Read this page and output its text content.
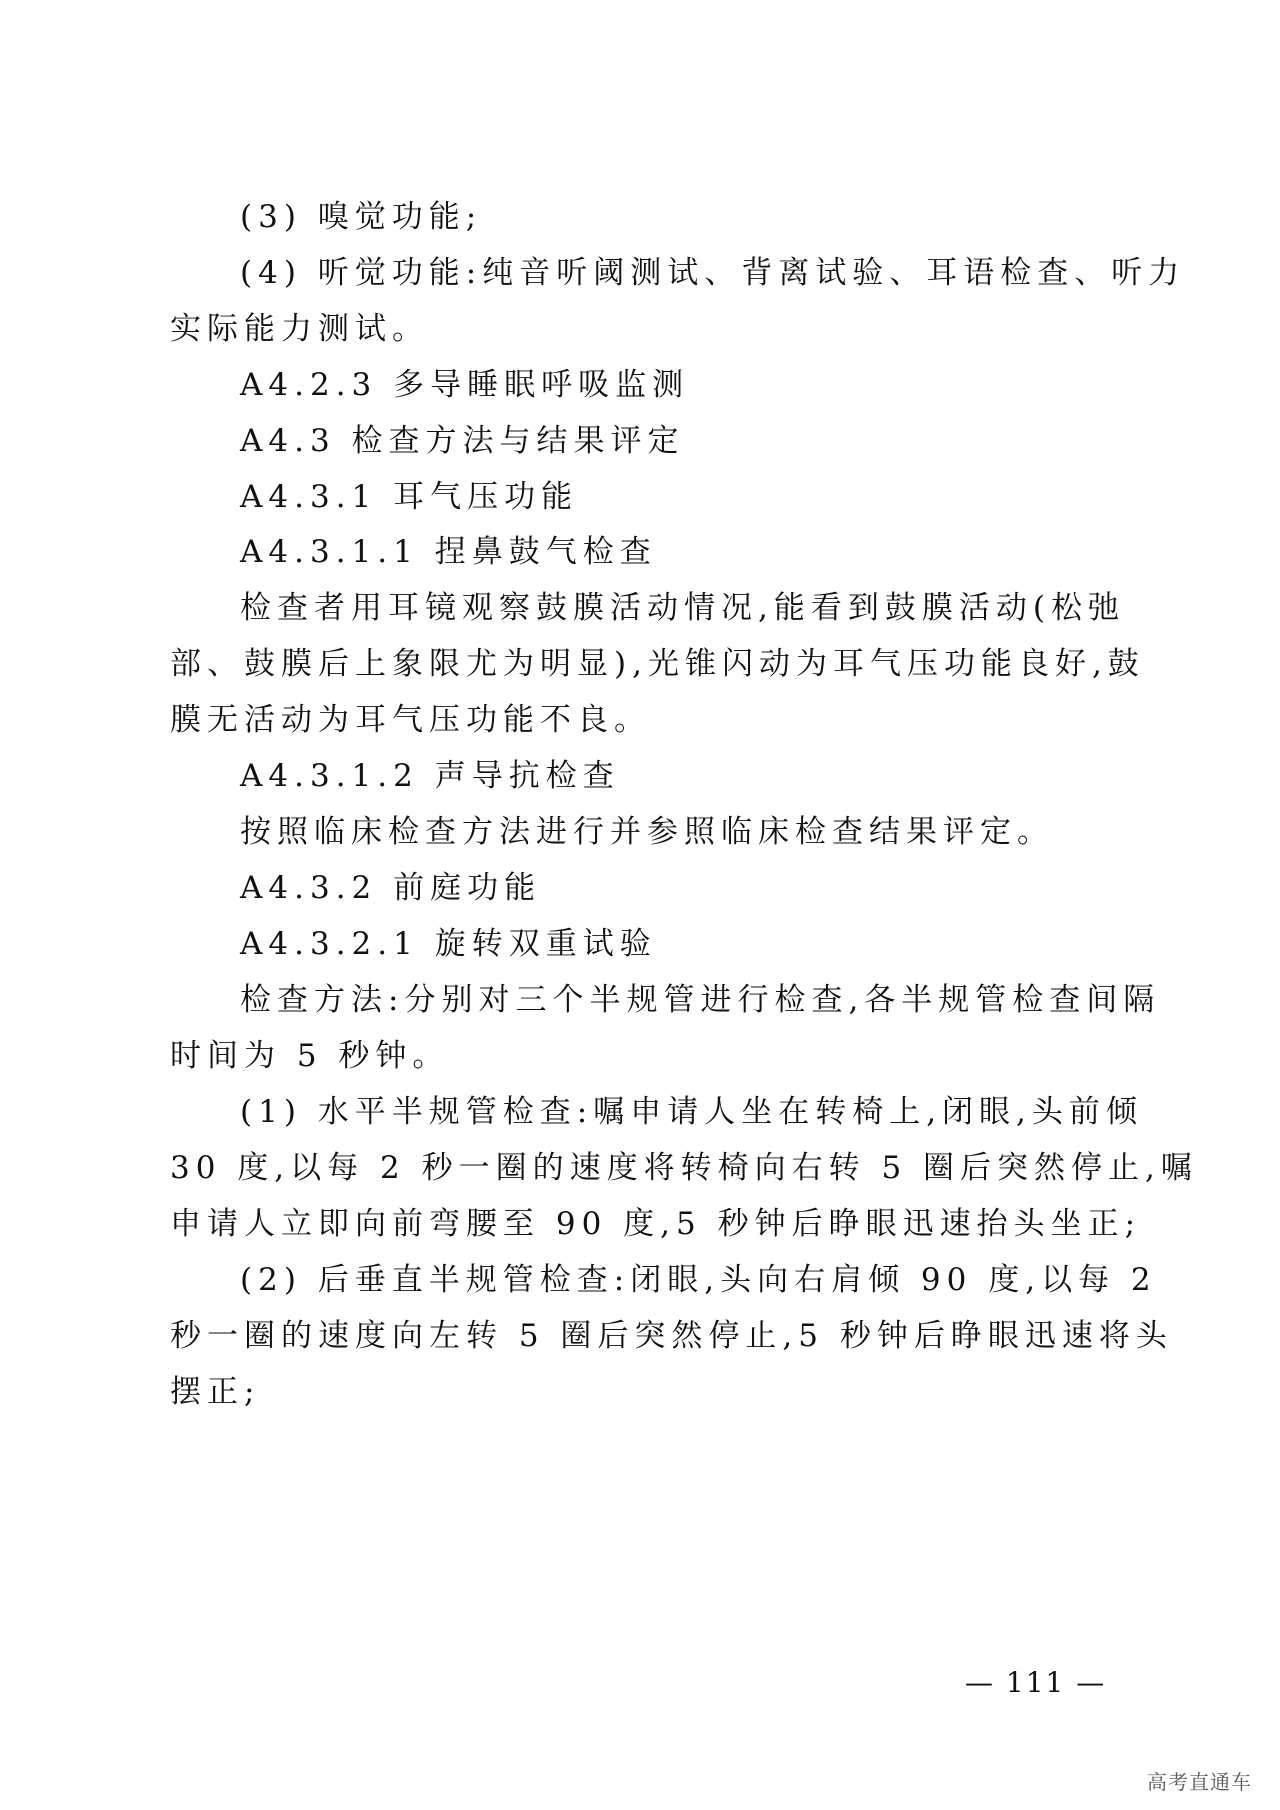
(3) 嗅觉功能;
(4) 听觉功能:纯音听阈测试、背离试验、耳语检查、听力
实际能力测试。
A4.2.3 多导睡眠呼吸监测
A4.3 检查方法与结果评定
A4.3.1 耳气压功能
A4.3.1.1 捏鼻鼓气检查
检查者用耳镜观察鼓膜活动情况,能看到鼓膜活动(松弛
部、鼓膜后上象限尤为明显),光锥闪动为耳气压功能良好,鼓
膜无活动为耳气压功能不良。
A4.3.1.2 声导抗检查
按照临床检查方法进行并参照临床检查结果评定。
A4.3.2 前庭功能
A4.3.2.1 旋转双重试验
检查方法:分别对三个半规管进行检查,各半规管检查间隔
时间为 5 秒钟。
(1) 水平半规管检查:嘱申请人坐在转椅上,闭眼,头前倾
30 度,以每 2 秒一圈的速度将转椅向右转 5 圈后突然停止,嘱
申请人立即向前弯腰至 90 度,5 秒钟后睁眼迅速抬头坐正;
(2) 后垂直半规管检查:闭眼,头向右肩倾 90 度,以每 2
秒一圈的速度向左转 5 圈后突然停止,5 秒钟后睁眼迅速将头
摆正;
— 111 —
高考直通车
